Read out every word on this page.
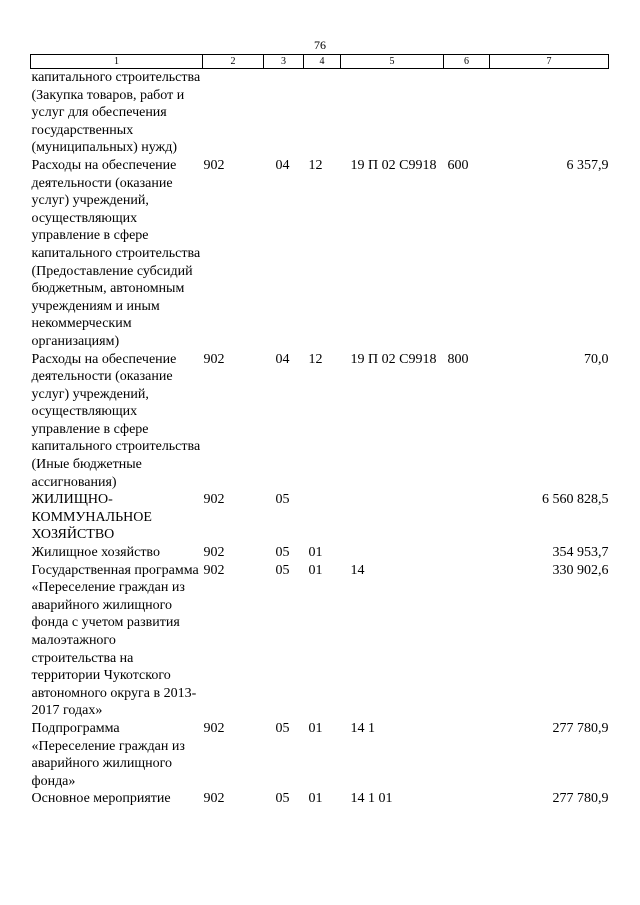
76
1	2	3	4	5	6	7
капитального строительства (Закупка товаров, работ и услуг для обеспечения государственных (муниципальных) нужд)						
Расходы на обеспечение деятельности (оказание услуг) учреждений, осуществляющих управление в сфере капитального строительства (Предоставление субсидий бюджетным, автономным учреждениям и иным некоммерческим организациям)	902	04	12	19 П 02 С9918	600	6 357,9
Расходы на обеспечение деятельности (оказание услуг) учреждений, осуществляющих управление в сфере капитального строительства (Иные бюджетные ассигнования)	902	04	12	19 П 02 С9918	800	70,0
ЖИЛИЩНО-КОММУНАЛЬНОЕ ХОЗЯЙСТВО	902	05				6 560 828,5
Жилищное хозяйство	902	05	01			354 953,7
Государственная программа «Переселение граждан из аварийного жилищного фонда с учетом развития малоэтажного строительства на территории Чукотского автономного округа в 2013-2017 годах»	902	05	01	14		330 902,6
Подпрограмма «Переселение граждан из аварийного жилищного фонда»	902	05	01	14 1		277 780,9
Основное мероприятие	902	05	01	14 1 01		277 780,9
